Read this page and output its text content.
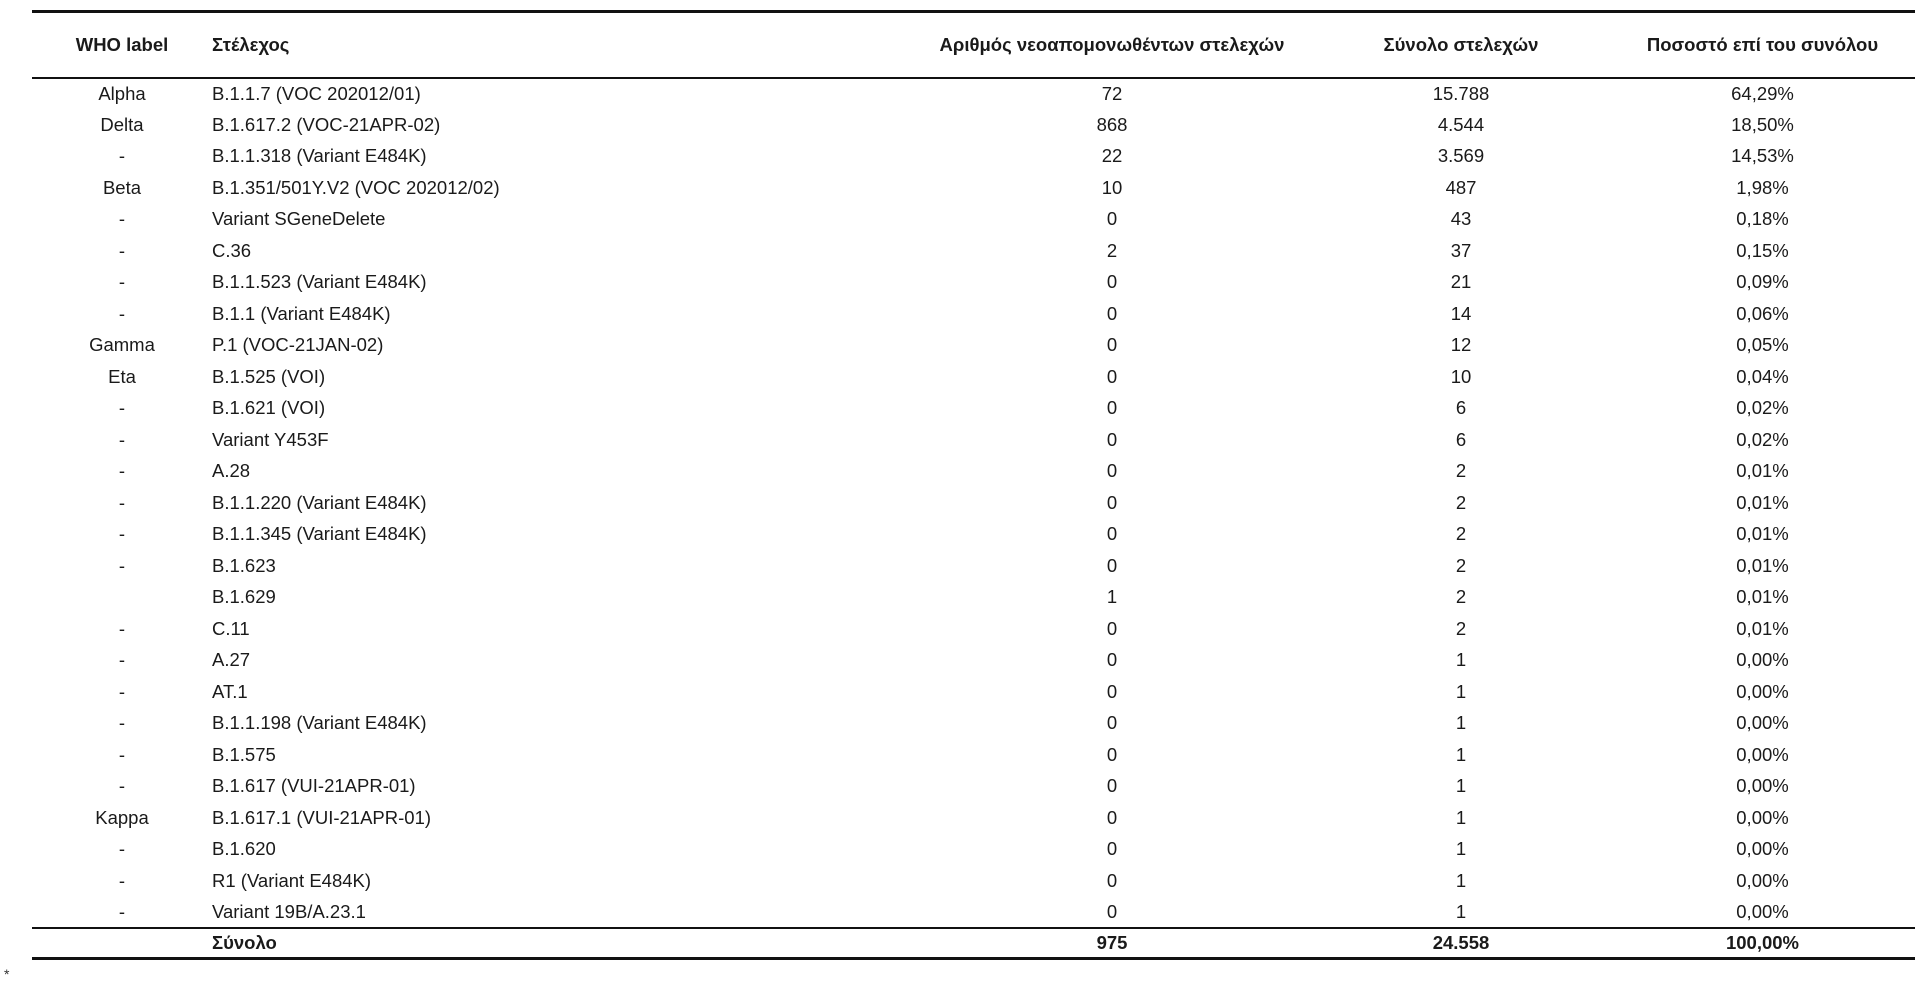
WHO label	Στέλεχος	Αριθμός νεοαπομονωθέντων στελεχών	Σύνολο στελεχών	Ποσοστό επί του συνόλου
Alpha	B.1.1.7 (VOC 202012/01)	72	15.788	64,29%
Delta	B.1.617.2 (VOC-21APR-02)	868	4.544	18,50%
-	B.1.1.318 (Variant E484K)	22	3.569	14,53%
Beta	B.1.351/501Y.V2 (VOC 202012/02)	10	487	1,98%
-	Variant SGeneDelete	0	43	0,18%
-	C.36	2	37	0,15%
-	B.1.1.523 (Variant E484K)	0	21	0,09%
-	B.1.1 (Variant E484K)	0	14	0,06%
Gamma	P.1 (VOC-21JAN-02)	0	12	0,05%
Eta	B.1.525 (VOI)	0	10	0,04%
-	B.1.621 (VOI)	0	6	0,02%
-	Variant Y453F	0	6	0,02%
-	A.28	0	2	0,01%
-	B.1.1.220 (Variant E484K)	0	2	0,01%
-	B.1.1.345 (Variant E484K)	0	2	0,01%
-	B.1.623	0	2	0,01%
	B.1.629	1	2	0,01%
-	C.11	0	2	0,01%
-	A.27	0	1	0,00%
-	AT.1	0	1	0,00%
-	B.1.1.198 (Variant E484K)	0	1	0,00%
-	B.1.575	0	1	0,00%
-	B.1.617 (VUI-21APR-01)	0	1	0,00%
Kappa	B.1.617.1 (VUI-21APR-01)	0	1	0,00%
-	B.1.620	0	1	0,00%
-	R1 (Variant E484K)	0	1	0,00%
-	Variant 19B/A.23.1	0	1	0,00%
	Σύνολο	975	24.558	100,00%
*
